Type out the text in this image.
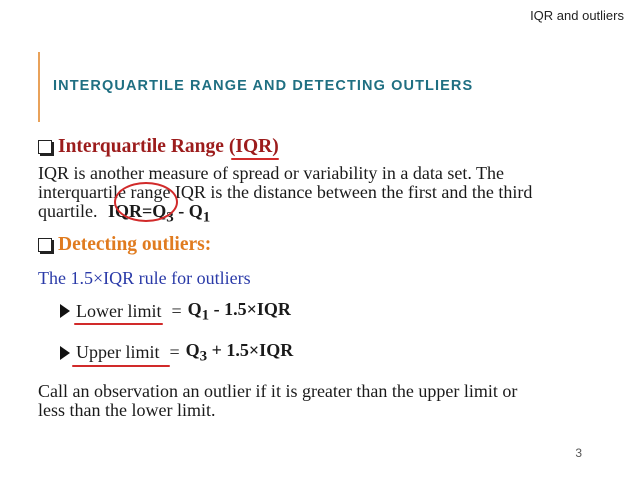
IQR and outliers
INTERQUARTILE RANGE AND DETECTING OUTLIERS
Interquartile Range (IQR)

IQR is another measure of spread or variability in a data set. The

interquartile range IQR is the distance between the first and the third

quartile. $IQR=Q_3 - Q_1$

Detecting outliers:
The 1.5×IQR rule for outliers
Lower limit = $Q_1 - 1.5\times IQR$
Upper limit = $Q_3 + 1.5\times IQR$

Call an observation an outlier if it is greater than the upper limit or

less than the lower limit.

3
